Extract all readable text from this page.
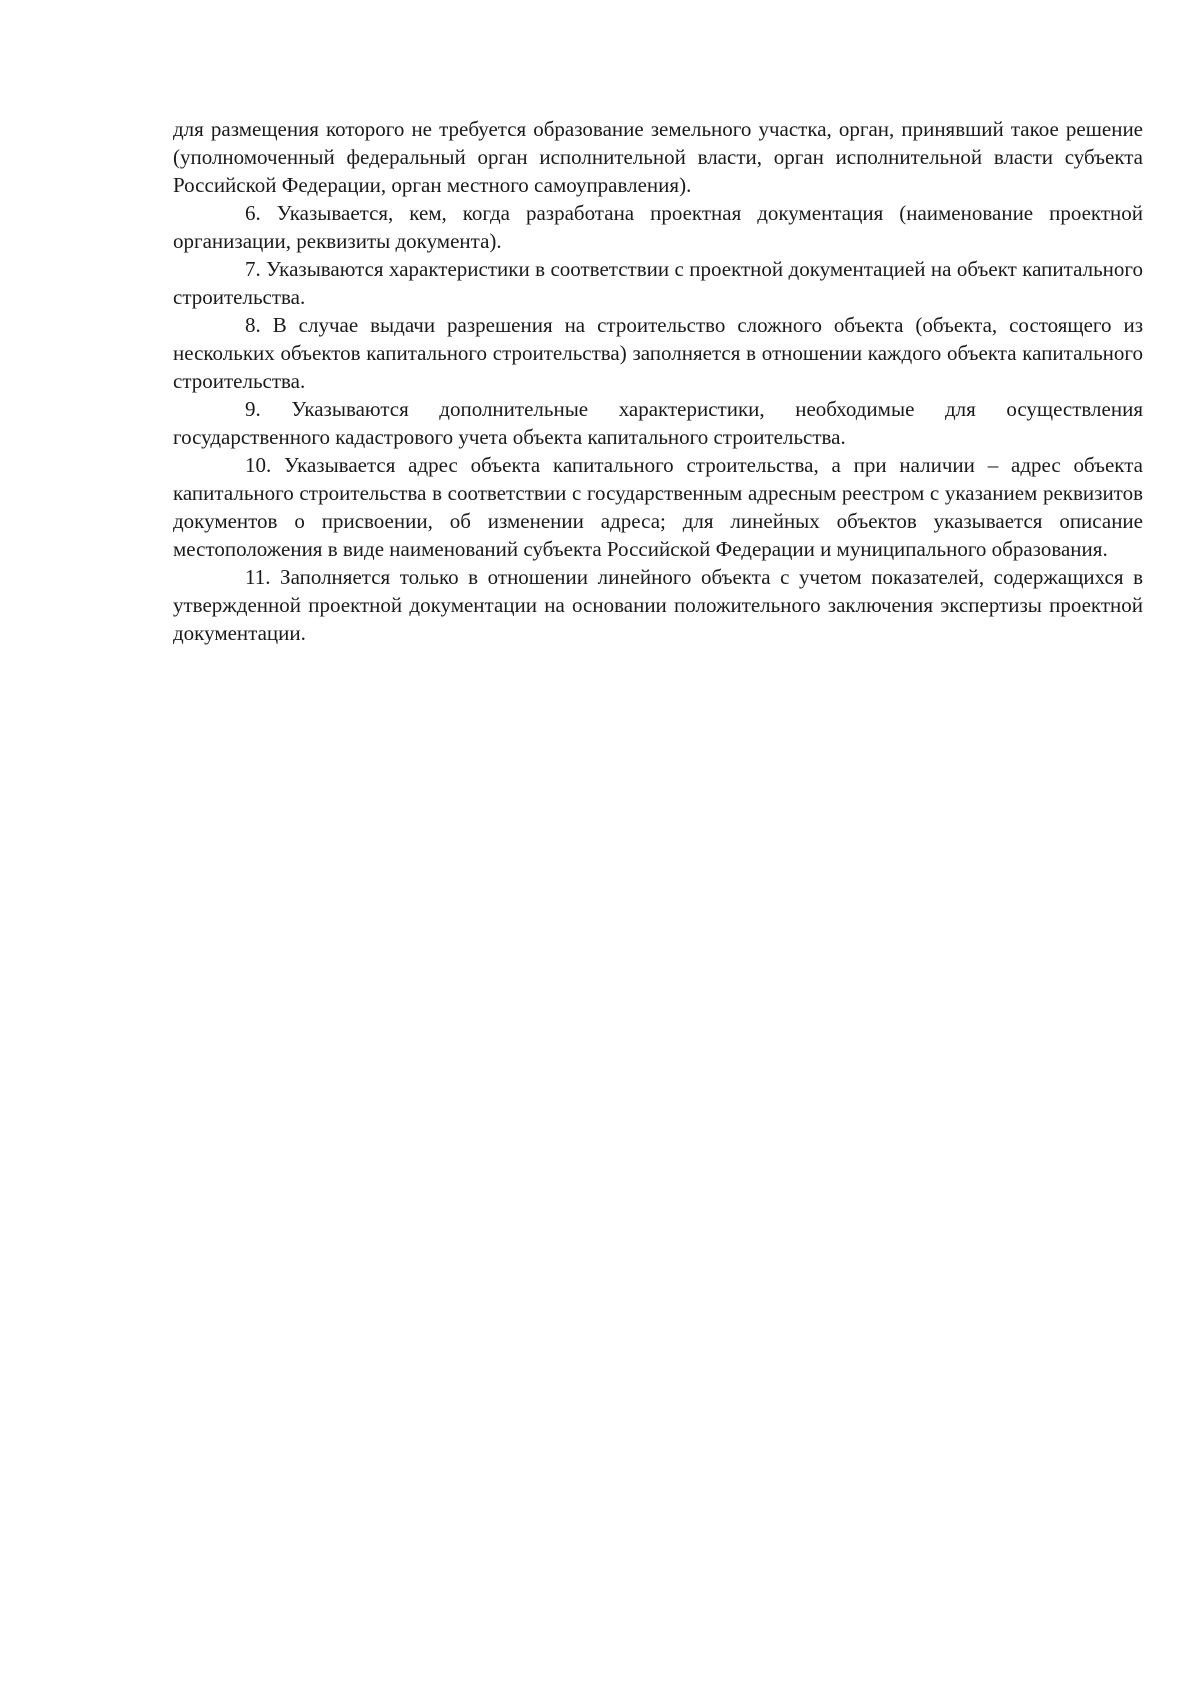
для размещения которого не требуется образование земельного участка, орган, принявший такое решение (уполномоченный федеральный орган исполнительной власти, орган исполнительной власти субъекта Российской Федерации, орган местного самоуправления).

6. Указывается, кем, когда разработана проектная документация (наименование проектной организации, реквизиты документа).

7. Указываются характеристики в соответствии с проектной документацией на объект капитального строительства.

8. В случае выдачи разрешения на строительство сложного объекта (объекта, состоящего из нескольких объектов капитального строительства) заполняется в отношении каждого объекта капитального строительства.

9. Указываются дополнительные характеристики, необходимые для осуществления государственного кадастрового учета объекта капитального строительства.

10. Указывается адрес объекта капитального строительства, а при наличии – адрес объекта капитального строительства в соответствии с государственным адресным реестром с указанием реквизитов документов о присвоении, об изменении адреса; для линейных объектов указывается описание местоположения в виде наименований субъекта Российской Федерации и муниципального образования.

11. Заполняется только в отношении линейного объекта с учетом показателей, содержащихся в утвержденной проектной документации на основании положительного заключения экспертизы проектной документации.
